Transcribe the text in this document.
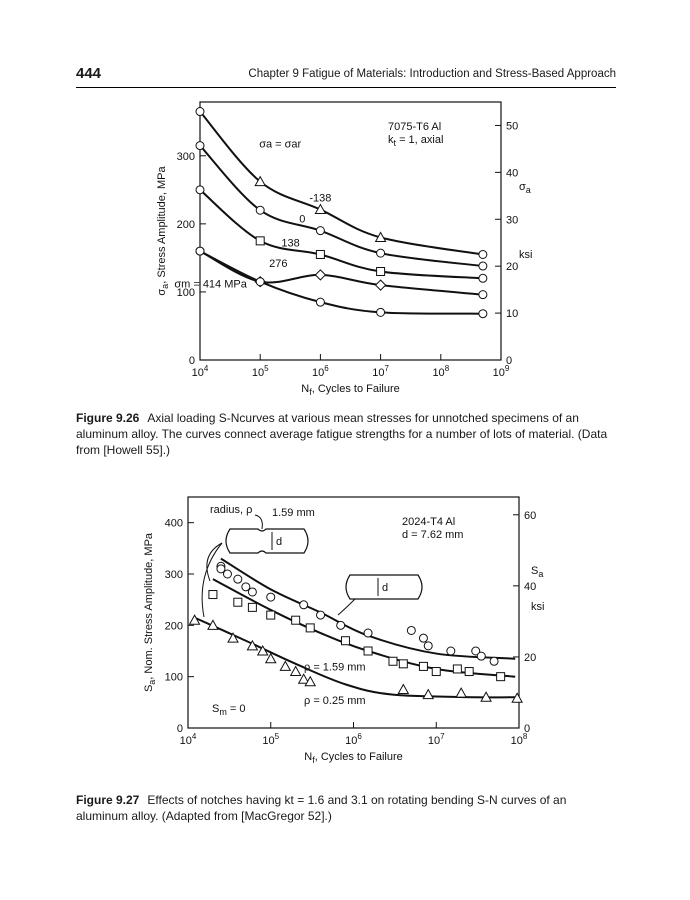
444	Chapter 9 Fatigue of Materials: Introduction and Stress-Based Approach
$10^4$	$10^5$	$10^6$	$10^7$	$10^8$	$10^9$
0
100
200
300
0
10
20
30
40
50
$N_f$, Cycles to Failure
$\sigma_a$, Stress Amplitude, MPa	$\sigma_a$
ksi
7075-T6 Al
$k_t = 1$, axial
-138
0
138
276
σm = 414 MPa
σa = σar
Figure 9.26 Axial loading S-Ncurves at various mean stresses for unnotched specimens of an aluminum alloy. The curves connect average fatigue strengths for a number of lots of material. (Data from [Howell 55].)
$10^4$	$10^5$	$10^6$	$10^7$	$10^8$
0
100
200
300
400
0
20
40
60
$N_f$, Cycles to Failure
$S_a$, Nom. Stress Amplitude, MPa	$S_a$
ksi
2024-T4 Al
d = 7.62 mm
$S_m = 0$
ρ = 1.59 mm
ρ = 0.25 mm
d
radius, ρ 1.59 mm
d
Figure 9.27 Effects of notches having kt = 1.6 and 3.1 on rotating bending S-N curves of an aluminum alloy. (Adapted from [MacGregor 52].)
